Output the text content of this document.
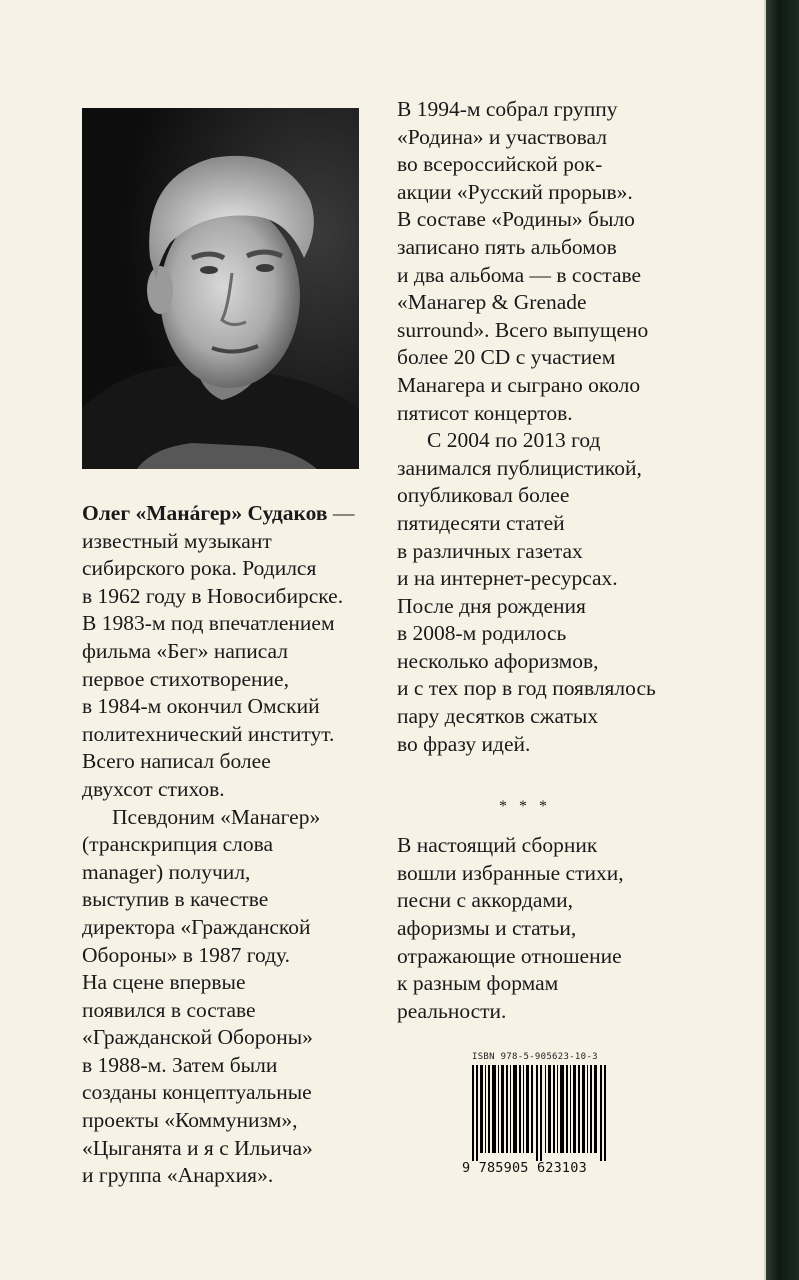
Олег «Манáгер» Судаков —

известный музыкант

сибирского рока. Родился

в 1962 году в Новосибирске.

В 1983-м под впечатлением

фильма «Бег» написал

первое стихотворение,

в 1984-м окончил Омский

политехнический институт.

Всего написал более

двухсот стихов.

Псевдоним «Манагер»

(транскрипция слова

manager) получил,

выступив в качестве

директора «Гражданской

Обороны» в 1987 году.

На сцене впервые

появился в составе

«Гражданской Обороны»

в 1988-м. Затем были

созданы концептуальные

проекты «Коммунизм»,

«Цыганята и я с Ильича»

и группа «Анархия».

В 1994-м собрал группу

«Родина» и участвовал

во всероссийской рок-

акции «Русский прорыв».

В составе «Родины» было

записано пять альбомов

и два альбома — в составе

«Манагер & Grenade

surround». Всего выпущено

более 20 CD с участием

Манагера и сыграно около

пятисот концертов.

С 2004 по 2013 год

занимался публицистикой,

опубликовал более

пятидесяти статей

в различных газетах

и на интернет-ресурсах.

После дня рождения

в 2008-м родилось

несколько афоризмов,

и с тех пор в год появлялось

пару десятков сжатых

во фразу идей.

* * *

В настоящий сборник

вошли избранные стихи,

песни с аккордами,

афоризмы и статьи,

отражающие отношение

к разным формам

реальности.

ISBN 978-5-905623-10-3
9 785905 623103
